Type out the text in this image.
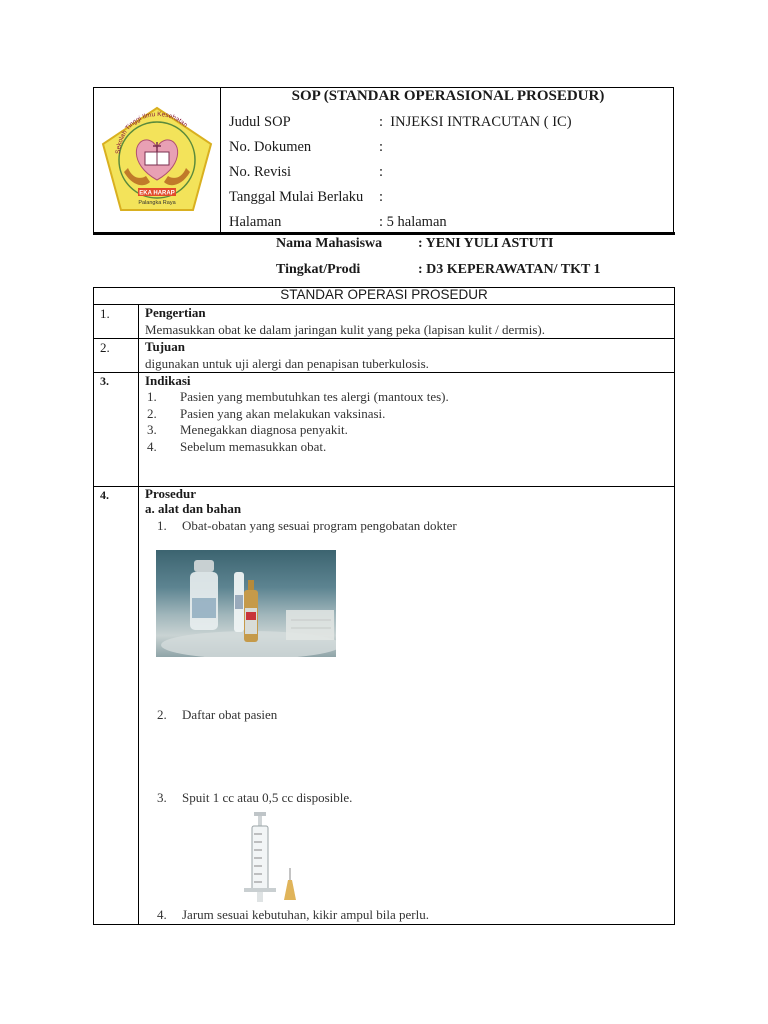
Sekolah Tinggi Ilmu Kesehatan
EKA HARAP
Palangka Raya
SOP (STANDAR OPERASIONAL PROSEDUR)
Judul SOP	: INJEKSI INTRACUTAN ( IC)
No. Dokumen	:
No. Revisi	:
Tanggal Mulai Berlaku :
Halaman	: 5 halaman
Nama Mahasiswa	: YENI YULI ASTUTI
Tingkat/Prodi	: D3 KEPERAWATAN/ TKT 1
STANDAR OPERASI PROSEDUR
1.	Pengertian
Memasukkan obat ke dalam jaringan kulit yang peka (lapisan kulit / dermis).
2.	Tujuan
digunakan untuk uji alergi dan penapisan tuberkulosis.
3.	Indikasi
1. Pasien yang membutuhkan tes alergi (mantoux tes).
2. Pasien yang akan melakukan vaksinasi.
3. Menegakkan diagnosa penyakit.
4. Sebelum memasukkan obat.
4.	Prosedur
a. alat dan bahan
1. Obat-obatan yang sesuai program pengobatan dokter
2. Daftar obat pasien
3. Spuit 1 cc atau 0,5 cc disposible.
4. Jarum sesuai kebutuhan, kikir ampul bila perlu.
